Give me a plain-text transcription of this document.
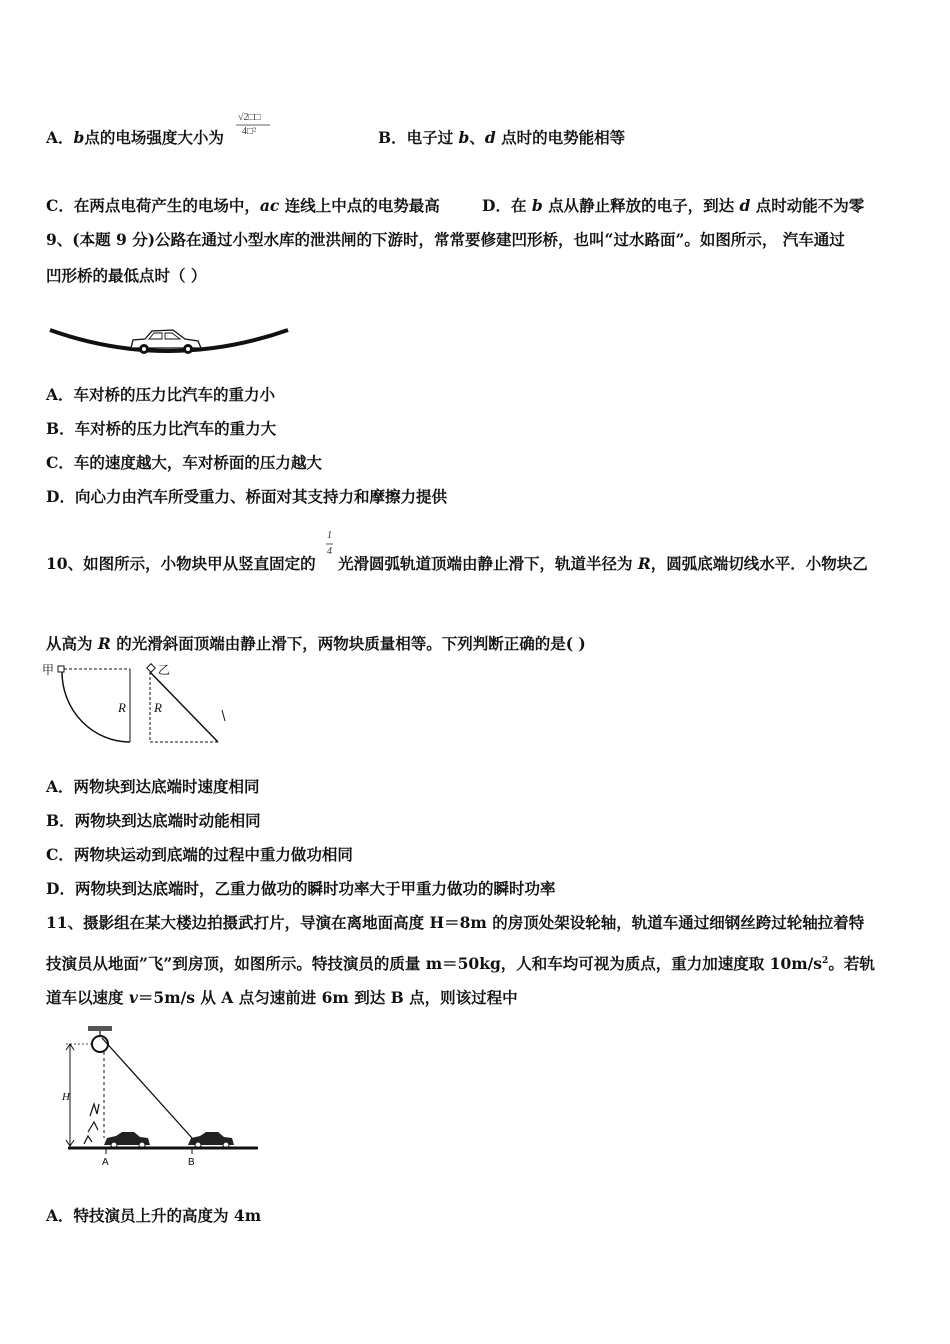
A．b点的电场强度大小为
√2□□
4□²	B．电子过 b、d 点时的电势能相等
C．在两点电荷产生的电场中，ac 连线上中点的电势最高	D．在 b 点从静止释放的电子，到达 d 点时动能不为零
9、(本题 9 分)公路在通过小型水库的泄洪闸的下游时，常常要修建凹形桥，也叫“过水路面”。如图所示， 汽车通过
凹形桥的最低点时（ ）
A．车对桥的压力比汽车的重力小
B．车对桥的压力比汽车的重力大
C．车的速度越大，车对桥面的压力越大
D．向心力由汽车所受重力、桥面对其支持力和摩擦力提供
10、如图所示，小物块甲从竖直固定的
1
4
光滑圆弧轨道顶端由静止滑下，轨道半径为 R，圆弧底端切线水平．小物块乙
从高为 R 的光滑斜面顶端由静止滑下，两物块质量相等。下列判断正确的是( )
甲
R
乙
R
A．两物块到达底端时速度相同
B．两物块到达底端时动能相同
C．两物块运动到底端的过程中重力做功相同
D．两物块到达底端时，乙重力做功的瞬时功率大于甲重力做功的瞬时功率
11、摄影组在某大楼边拍摄武打片，导演在离地面高度 H＝8m 的房顶处架设轮轴，轨道车通过细钢丝跨过轮轴拉着特
技演员从地面”飞”到房顶，如图所示。特技演员的质量 m＝50kg，人和车均可视为质点，重力加速度取 $10m/s^2$。若轨
道车以速度 v＝5m/s 从 A 点匀速前进 6m 到达 B 点，则该过程中
H
A	B
A．特技演员上升的高度为 4m
